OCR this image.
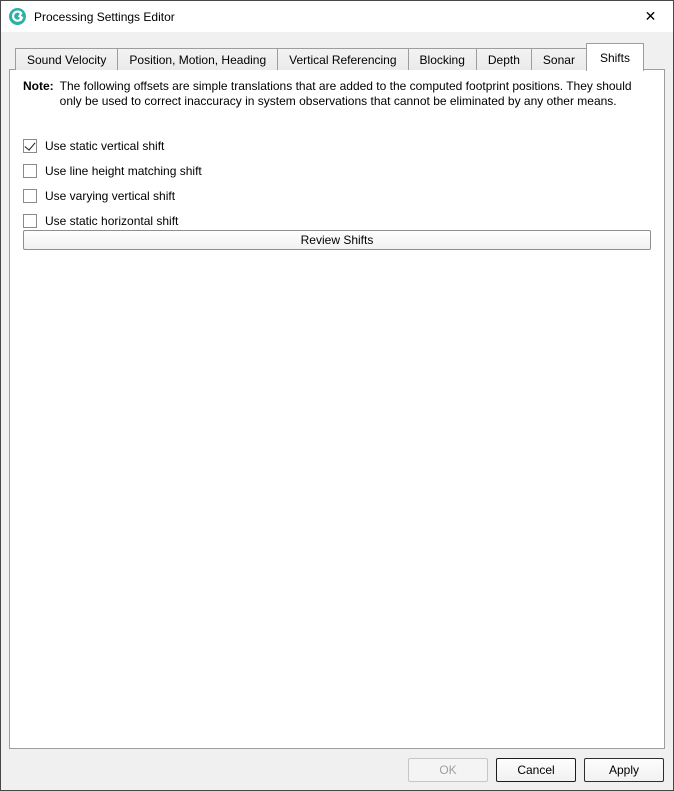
Processing Settings Editor	✕
Sound Velocity	Position, Motion, Heading	Vertical Referencing	Blocking	Depth	Sonar	Shifts
Note: The following offsets are simple translations that are added to the computed footprint positions. They should only be used to correct inaccuracy in system observations that cannot be eliminated by any other means.
Use static vertical shift
Use line height matching shift
Use varying vertical shift
Use static horizontal shift
Review Shifts
OK	Cancel	Apply
